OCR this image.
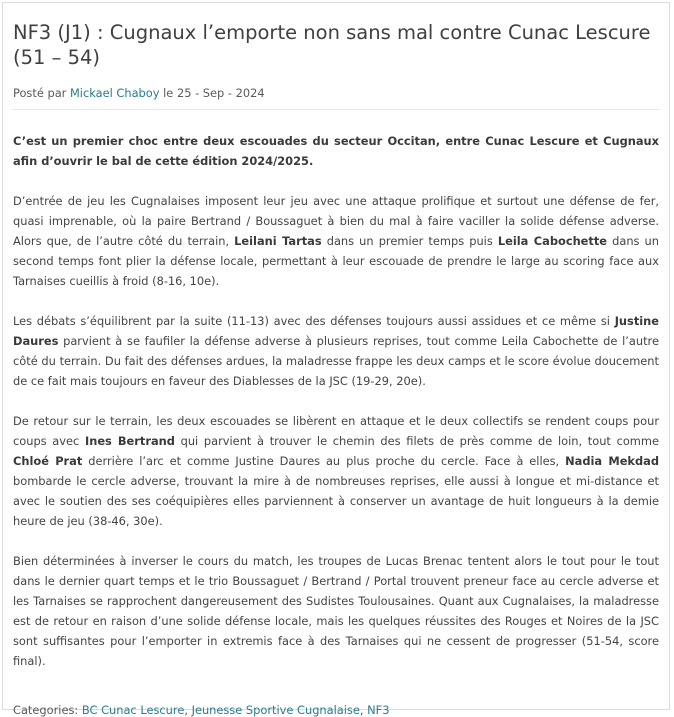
NF3 (J1) : Cugnaux l’emporte non sans mal contre Cunac Lescure (51 – 54)
Posté par Mickael Chaboy le 25 - Sep - 2024

C’est un premier choc entre deux escouades du secteur Occitan, entre Cunac Lescure et Cugnaux afin d’ouvrir le bal de cette édition 2024/2025.

D’entrée de jeu les Cugnalaises imposent leur jeu avec une attaque prolifique et surtout une défense de fer, quasi imprenable, où la paire Bertrand / Boussaguet à bien du mal à faire vaciller la solide défense adverse. Alors que, de l’autre côté du terrain, Leilani Tartas dans un premier temps puis Leila Cabochette dans un second temps font plier la défense locale, permettant à leur escouade de prendre le large au scoring face aux Tarnaises cueillis à froid (8-16, 10e).

Les débats s’équilibrent par la suite (11-13) avec des défenses toujours aussi assidues et ce même si Justine Daures parvient à se faufiler la défense adverse à plusieurs reprises, tout comme Leila Cabochette de l’autre côté du terrain. Du fait des défenses ardues, la maladresse frappe les deux camps et le score évolue doucement de ce fait mais toujours en faveur des Diablesses de la JSC (19-29, 20e).

De retour sur le terrain, les deux escouades se libèrent en attaque et le deux collectifs se rendent coups pour coups avec Ines Bertrand qui parvient à trouver le chemin des filets de près comme de loin, tout comme Chloé Prat derrière l’arc et comme Justine Daures au plus proche du cercle. Face à elles, Nadia Mekdad bombarde le cercle adverse, trouvant la mire à de nombreuses reprises, elle aussi à longue et mi-distance et avec le soutien des ses coéquipières elles parviennent à conserver un avantage de huit longueurs à la demie heure de jeu (38-46, 30e).

Bien déterminées à inverser le cours du match, les troupes de Lucas Brenac tentent alors le tout pour le tout dans le dernier quart temps et le trio Boussaguet / Bertrand / Portal trouvent preneur face au cercle adverse et les Tarnaises se rapprochent dangereusement des Sudistes Toulousaines. Quant aux Cugnalaises, la maladresse est de retour en raison d’une solide défense locale, mais les quelques réussites des Rouges et Noires de la JSC sont suffisantes pour l’emporter in extremis face à des Tarnaises qui ne cessent de progresser (51-54, score final).

Categories: BC Cunac Lescure, Jeunesse Sportive Cugnalaise, NF3
